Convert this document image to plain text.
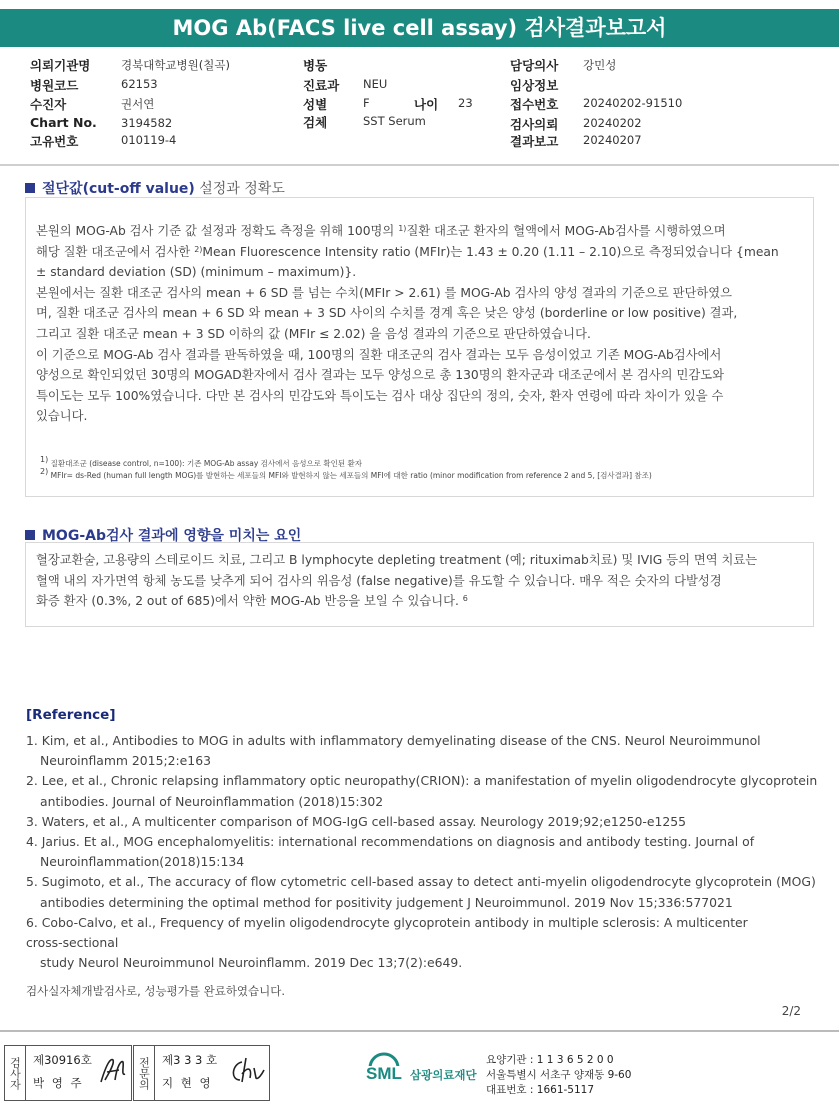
MOG Ab(FACS live cell assay) 검사결과보고서
의뢰기관명	경북대학교병원(칠곡)
병원코드	62153
수진자	권서연
Chart No. 3194582
고유번호	010119-4
병동
진료과 NEU
성별	F	나이 23
검체	SST Serum
담당의사 강민성
임상정보
접수번호 20240202-91510
검사의뢰 20240202
결과보고 20240207
절단값(cut-off value) 설정과 정확도
본원의 MOG-Ab 검사 기준 값 설정과 정확도 측정을 위해 100명의 $^{1)}$질환 대조군 환자의 혈액에서 MOG-Ab검사를 시행하였으며
해당 질환 대조군에서 검사한 $^{2)}$Mean Fluorescence Intensity ratio (MFIr)는 1.43 ± 0.20 (1.11 – 2.10)으로 측정되었습니다 {mean
± standard deviation (SD) (minimum – maximum)}.
본원에서는 질환 대조군 검사의 mean + 6 SD 를 넘는 수치(MFIr > 2.61) 를 MOG-Ab 검사의 양성 결과의 기준으로 판단하였으
며, 질환 대조군 검사의 mean + 6 SD 와 mean + 3 SD 사이의 수치를 경계 혹은 낮은 양성 (borderline or low positive) 결과,
그리고 질환 대조군 mean + 3 SD 이하의 값 (MFIr ≤ 2.02) 을 음성 결과의 기준으로 판단하였습니다.
이 기준으로 MOG-Ab 검사 결과를 판독하였을 때, 100명의 질환 대조군의 검사 결과는 모두 음성이었고 기존 MOG-Ab검사에서
양성으로 확인되었던 30명의 MOGAD환자에서 검사 결과는 모두 양성으로 총 130명의 환자군과 대조군에서 본 검사의 민감도와
특이도는 모두 100%였습니다. 다만 본 검사의 민감도와 특이도는 검사 대상 집단의 정의, 숫자, 환자 연령에 따라 차이가 있을 수
있습니다.
$^{1)}$ 질환대조군 (disease control, n=100): 기존 MOG-Ab assay 검사에서 음성으로 확인된 환자
$^{2)}$ MFIr= ds-Red (human full length MOG)를 발현하는 세포들의 MFI와 발현하지 않는 세포들의 MFI에 대한 ratio (minor modification from reference 2 and 5, [검사결과] 참조)
MOG-Ab검사 결과에 영향을 미치는 요인
혈장교환술, 고용량의 스테로이드 치료, 그리고 B lymphocyte depleting treatment (예; rituximab치료) 및 IVIG 등의 면역 치료는
혈액 내의 자가면역 항체 농도를 낮추게 되어 검사의 위음성 (false negative)를 유도할 수 있습니다. 매우 적은 숫자의 다발성경
화증 환자 (0.3%, 2 out of 685)에서 약한 MOG-Ab 반응을 보일 수 있습니다. $^6$
[Reference]
1. Kim, et al., Antibodies to MOG in adults with inflammatory demyelinating disease of the CNS. Neurol Neuroimmunol
Neuroinflamm 2015;2:e163
2. Lee, et al., Chronic relapsing inflammatory optic neuropathy(CRION): a manifestation of myelin oligodendrocyte glycoprotein
antibodies. Journal of Neuroinflammation (2018)15:302
3. Waters, et al., A multicenter comparison of MOG-IgG cell-based assay. Neurology 2019;92;e1250-e1255
4. Jarius. Et al., MOG encephalomyelitis: international recommendations on diagnosis and antibody testing. Journal of
Neuroinflammation(2018)15:134
5. Sugimoto, et al., The accuracy of flow cytometric cell-based assay to detect anti-myelin oligodendrocyte glycoprotein (MOG)
antibodies determining the optimal method for positivity judgement J Neuroimmunol. 2019 Nov 15;336:577021
6. Cobo-Calvo, et al., Frequency of myelin oligodendrocyte glycoprotein antibody in multiple sclerosis: A multicenter
cross-sectional
study Neurol Neuroimmunol Neuroinflamm. 2019 Dec 13;7(2):e649.
검사실자체개발검사로, 성능평가를 완료하였습니다.
2/2
검사자	제30916호
박 영 주	전문의	제3 3 3 호
지 현 영	SML 삼광의료재단
요양기관 : 1 1 3 6 5 2 0 0
서울특별시 서초구 양재동 9-60
대표번호 : 1661-5117
